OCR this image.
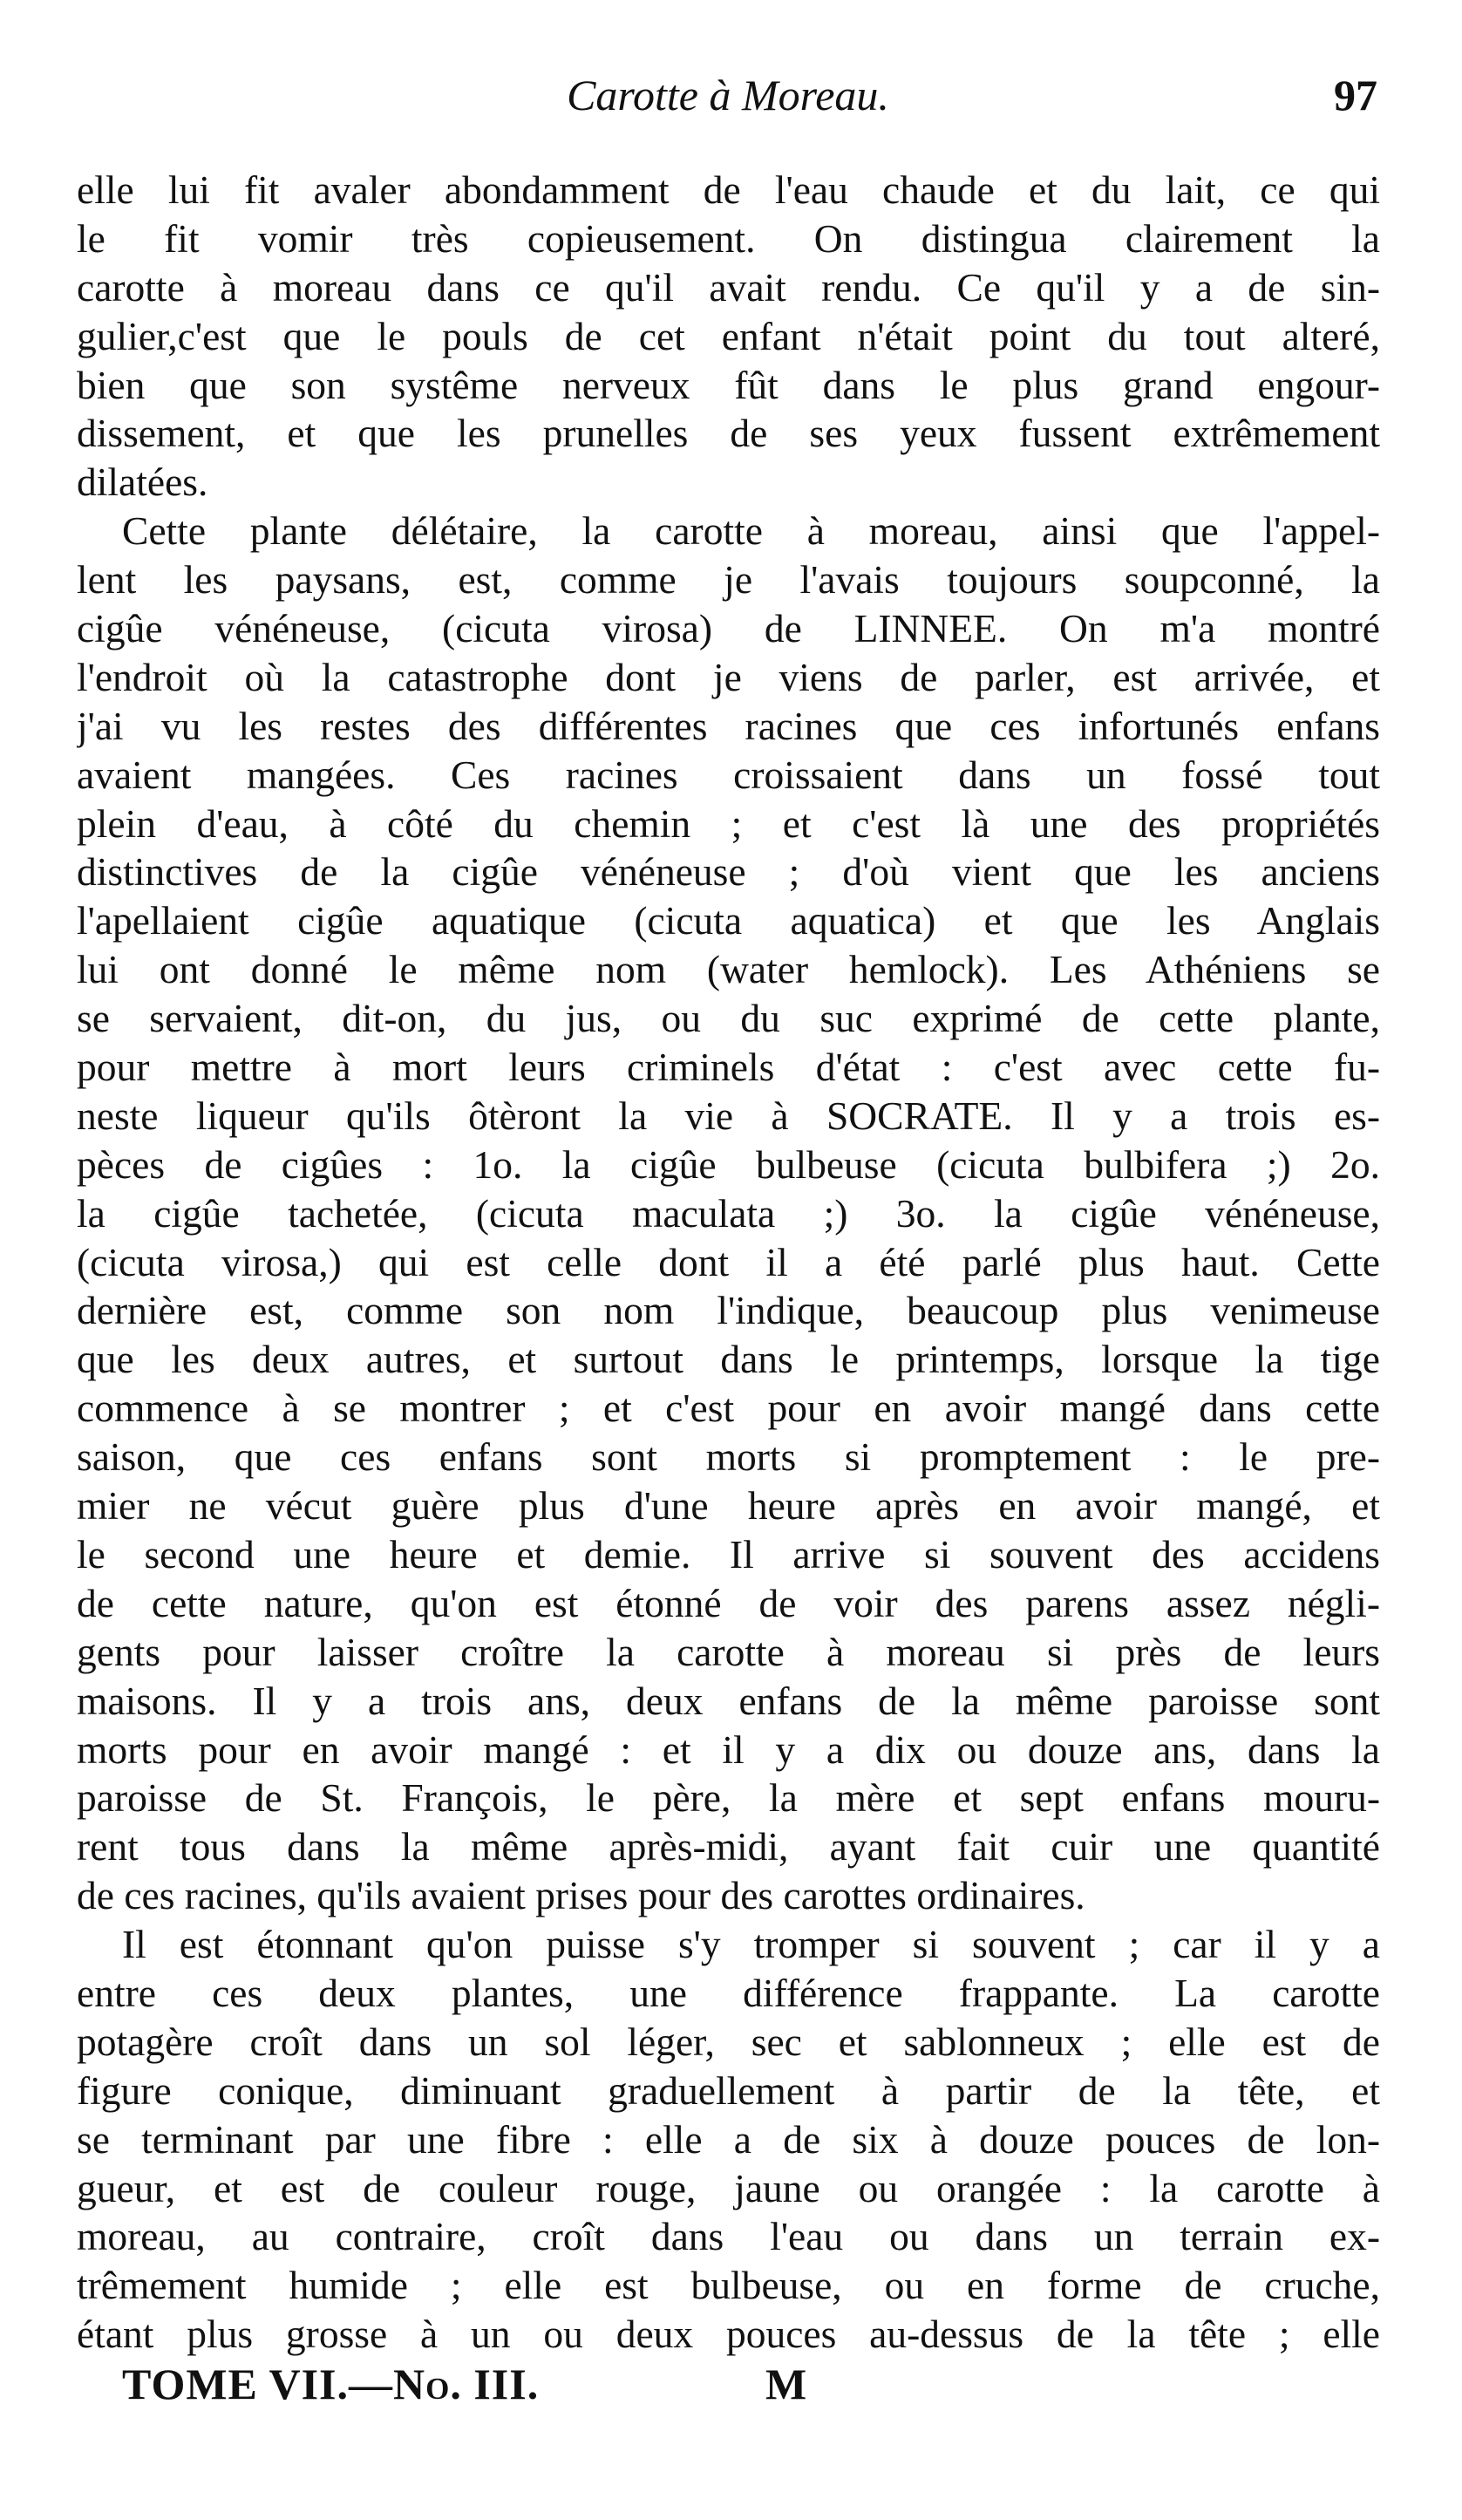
Carotte à Moreau.	97
elle lui fit avaler abondamment de l'eau chaude et du lait, ce qui
le fit vomir très copieusement. On distingua clairement la
carotte à moreau dans ce qu'il avait rendu. Ce qu'il y a de sin-
gulier,c'est que le pouls de cet enfant n'était point du tout alteré,
bien que son systême nerveux fût dans le plus grand engour-
dissement, et que les prunelles de ses yeux fussent extrêmement
dilatées.
Cette plante délétaire, la carotte à moreau, ainsi que l'appel-
lent les paysans, est, comme je l'avais toujours soupconné, la
cigûe vénéneuse, (cicuta virosa) de LINNEE. On m'a montré
l'endroit où la catastrophe dont je viens de parler, est arrivée, et
j'ai vu les restes des différentes racines que ces infortunés enfans
avaient mangées. Ces racines croissaient dans un fossé tout
plein d'eau, à côté du chemin ; et c'est là une des propriétés
distinctives de la cigûe vénéneuse ; d'où vient que les anciens
l'apellaient cigûe aquatique (cicuta aquatica) et que les Anglais
lui ont donné le même nom (water hemlock). Les Athéniens se
se servaient, dit-on, du jus, ou du suc exprimé de cette plante,
pour mettre à mort leurs criminels d'état : c'est avec cette fu-
neste liqueur qu'ils ôtèront la vie à SOCRATE. Il y a trois es-
pèces de cigûes : 1o. la cigûe bulbeuse (cicuta bulbifera ;) 2o.
la cigûe tachetée, (cicuta maculata ;) 3o. la cigûe vénéneuse,
(cicuta virosa,) qui est celle dont il a été parlé plus haut. Cette
dernière est, comme son nom l'indique, beaucoup plus venimeuse
que les deux autres, et surtout dans le printemps, lorsque la tige
commence à se montrer ; et c'est pour en avoir mangé dans cette
saison, que ces enfans sont morts si promptement : le pre-
mier ne vécut guère plus d'une heure après en avoir mangé, et
le second une heure et demie. Il arrive si souvent des accidens
de cette nature, qu'on est étonné de voir des parens assez négli-
gents pour laisser croître la carotte à moreau si près de leurs
maisons. Il y a trois ans, deux enfans de la même paroisse sont
morts pour en avoir mangé : et il y a dix ou douze ans, dans la
paroisse de St. François, le père, la mère et sept enfans mouru-
rent tous dans la même après-midi, ayant fait cuir une quantité
de ces racines, qu'ils avaient prises pour des carottes ordinaires.
Il est étonnant qu'on puisse s'y tromper si souvent ; car il y a
entre ces deux plantes, une différence frappante. La carotte
potagère croît dans un sol léger, sec et sablonneux ; elle est de
figure conique, diminuant graduellement à partir de la tête, et
se terminant par une fibre : elle a de six à douze pouces de lon-
gueur, et est de couleur rouge, jaune ou orangée : la carotte à
moreau, au contraire, croît dans l'eau ou dans un terrain ex-
trêmement humide ; elle est bulbeuse, ou en forme de cruche,
étant plus grosse à un ou deux pouces au-dessus de la tête ; elle
TOME VII.—No. III.	M
